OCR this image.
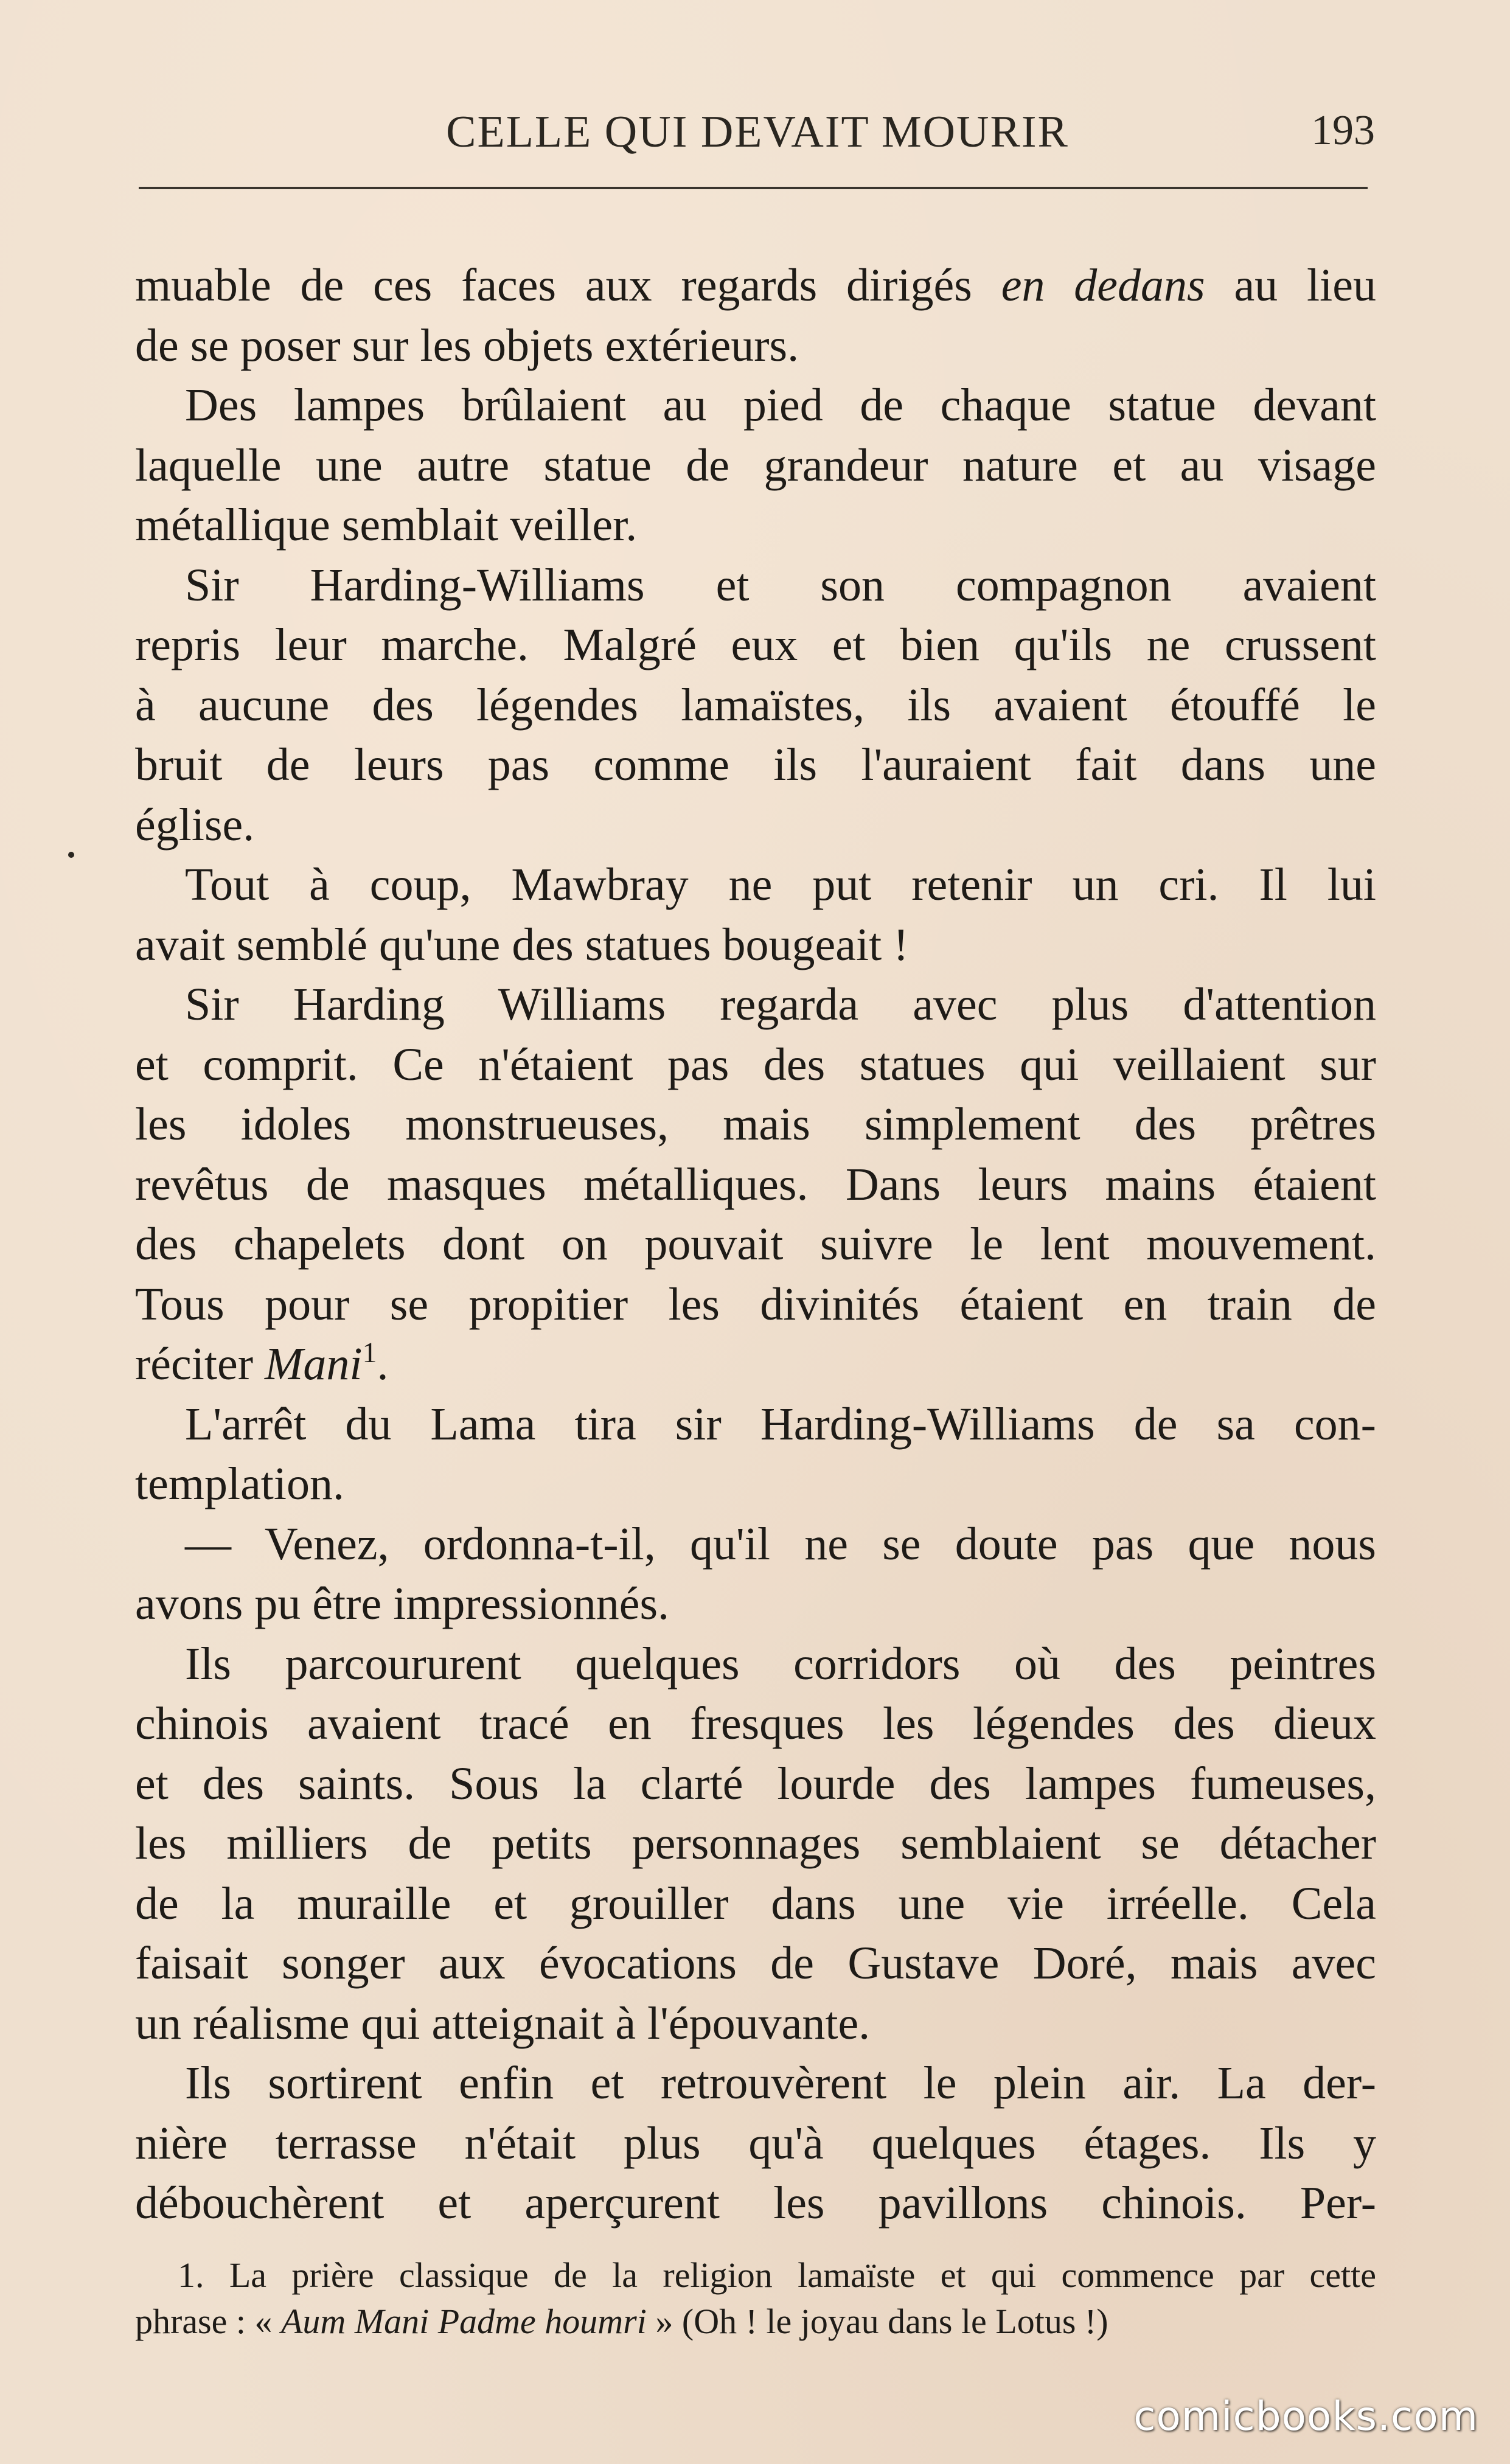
CELLE QUI DEVAIT MOURIR	193
muable de ces faces aux regards dirigés en dedans au lieu
de se poser sur les objets extérieurs.
Des lampes brûlaient au pied de chaque statue devant
laquelle une autre statue de grandeur nature et au visage
métallique semblait veiller.
Sir Harding-Williams et son compagnon avaient
repris leur marche. Malgré eux et bien qu'ils ne crussent
à aucune des légendes lamaïstes, ils avaient étouffé le
bruit de leurs pas comme ils l'auraient fait dans une
église.
Tout à coup, Mawbray ne put retenir un cri. Il lui
avait semblé qu'une des statues bougeait !
Sir Harding Williams regarda avec plus d'attention
et comprit. Ce n'étaient pas des statues qui veillaient sur
les idoles monstrueuses, mais simplement des prêtres
revêtus de masques métalliques. Dans leurs mains étaient
des chapelets dont on pouvait suivre le lent mouvement.
Tous pour se propitier les divinités étaient en train de
réciter Mani$^1$.
L'arrêt du Lama tira sir Harding-Williams de sa con-
templation.
— Venez, ordonna-t-il, qu'il ne se doute pas que nous
avons pu être impressionnés.
Ils parcoururent quelques corridors où des peintres
chinois avaient tracé en fresques les légendes des dieux
et des saints. Sous la clarté lourde des lampes fumeuses,
les milliers de petits personnages semblaient se détacher
de la muraille et grouiller dans une vie irréelle. Cela
faisait songer aux évocations de Gustave Doré, mais avec
un réalisme qui atteignait à l'épouvante.
Ils sortirent enfin et retrouvèrent le plein air. La der-
nière terrasse n'était plus qu'à quelques étages. Ils y
débouchèrent et aperçurent les pavillons chinois. Per-
1. La prière classique de la religion lamaïste et qui commence par cette
phrase : « Aum Mani Padme houmri » (Oh ! le joyau dans le Lotus !)
comicbooks.com
